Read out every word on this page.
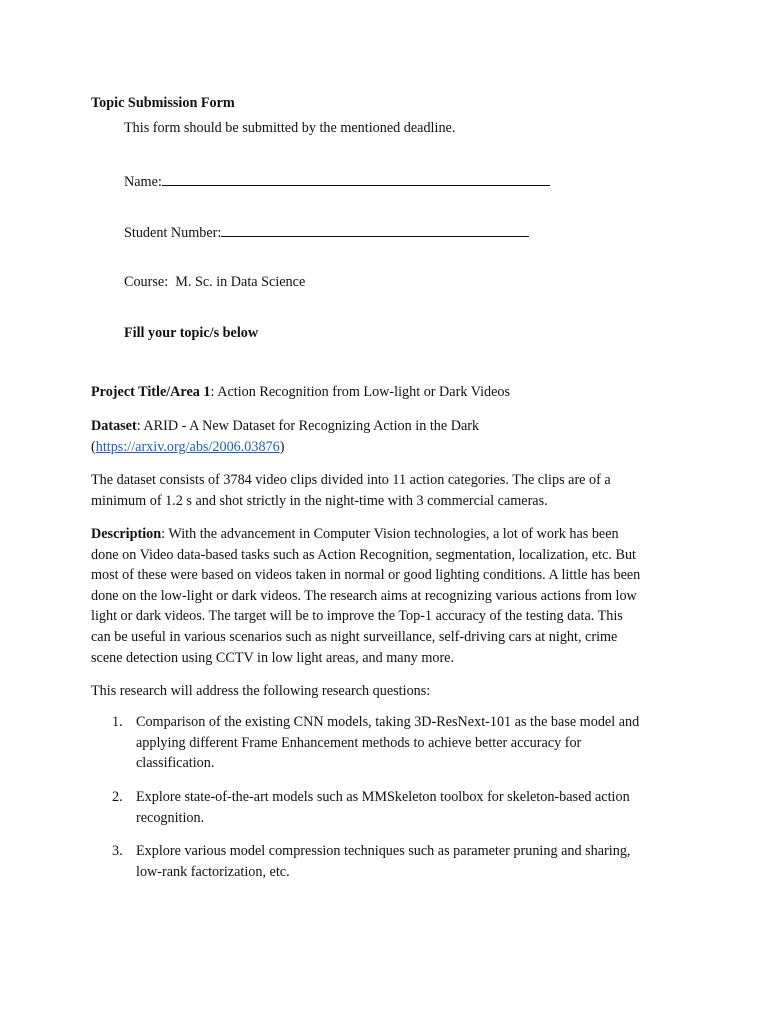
Topic Submission Form
This form should be submitted by the mentioned deadline.
Name:
Student Number:
Course:  M. Sc. in Data Science
Fill your topic/s below
Project Title/Area 1: Action Recognition from Low-light or Dark Videos
Dataset: ARID - A New Dataset for Recognizing Action in the Dark
(https://arxiv.org/abs/2006.03876)
The dataset consists of 3784 video clips divided into 11 action categories. The clips are of a
minimum of 1.2 s and shot strictly in the night-time with 3 commercial cameras.
Description: With the advancement in Computer Vision technologies, a lot of work has been
done on Video data-based tasks such as Action Recognition, segmentation, localization, etc. But
most of these were based on videos taken in normal or good lighting conditions. A little has been
done on the low-light or dark videos. The research aims at recognizing various actions from low
light or dark videos. The target will be to improve the Top-1 accuracy of the testing data. This
can be useful in various scenarios such as night surveillance, self-driving cars at night, crime
scene detection using CCTV in low light areas, and many more.
This research will address the following research questions:
1. Comparison of the existing CNN models, taking 3D-ResNext-101 as the base model and
applying different Frame Enhancement methods to achieve better accuracy for
classification.
2. Explore state-of-the-art models such as MMSkeleton toolbox for skeleton-based action
recognition.
3. Explore various model compression techniques such as parameter pruning and sharing,
low-rank factorization, etc.
